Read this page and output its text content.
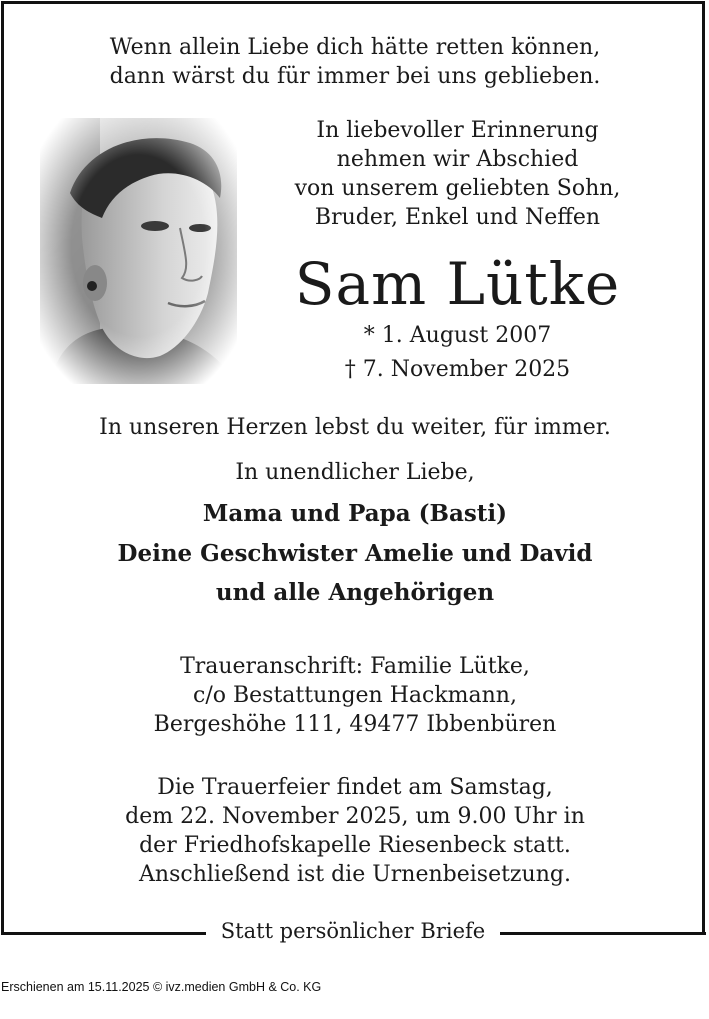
Wenn allein Liebe dich hätte retten können,
dann wärst du für immer bei uns geblieben.
In liebevoller Erinnerung
nehmen wir Abschied
von unserem geliebten Sohn,
Bruder, Enkel und Neffen
Sam Lütke
* 1. August 2007
† 7. November 2025
In unseren Herzen lebst du weiter, für immer.
In unendlicher Liebe,
Mama und Papa (Basti)
Deine Geschwister Amelie und David
und alle Angehörigen
Traueranschrift: Familie Lütke,
c/o Bestattungen Hackmann,
Bergeshöhe 111, 49477 Ibbenbüren
Die Trauerfeier findet am Samstag,
dem 22. November 2025, um 9.00 Uhr in
der Friedhofskapelle Riesenbeck statt.
Anschließend ist die Urnenbeisetzung.
Statt persönlicher Briefe
Erschienen am 15.11.2025 © ivz.medien GmbH & Co. KG
